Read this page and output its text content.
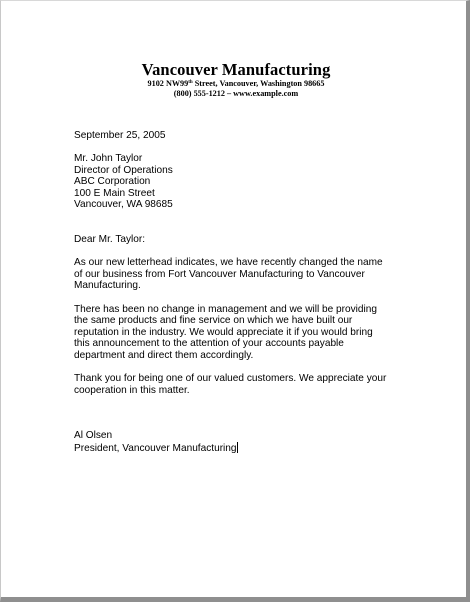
Vancouver Manufacturing
9102 NW99th Street, Vancouver, Washington 98665
(800) 555-1212 – www.example.com
September 25, 2005
Mr. John Taylor
Director of Operations
ABC Corporation
100 E Main Street
Vancouver, WA 98685
Dear Mr. Taylor:
As our new letterhead indicates, we have recently changed the name
of our business from Fort Vancouver Manufacturing to Vancouver
Manufacturing.
There has been no change in management and we will be providing
the same products and fine service on which we have built our
reputation in the industry. We would appreciate it if you would bring
this announcement to the attention of your accounts payable
department and direct them accordingly.
Thank you for being one of our valued customers. We appreciate your
cooperation in this matter.
Al Olsen
President, Vancouver Manufacturing
